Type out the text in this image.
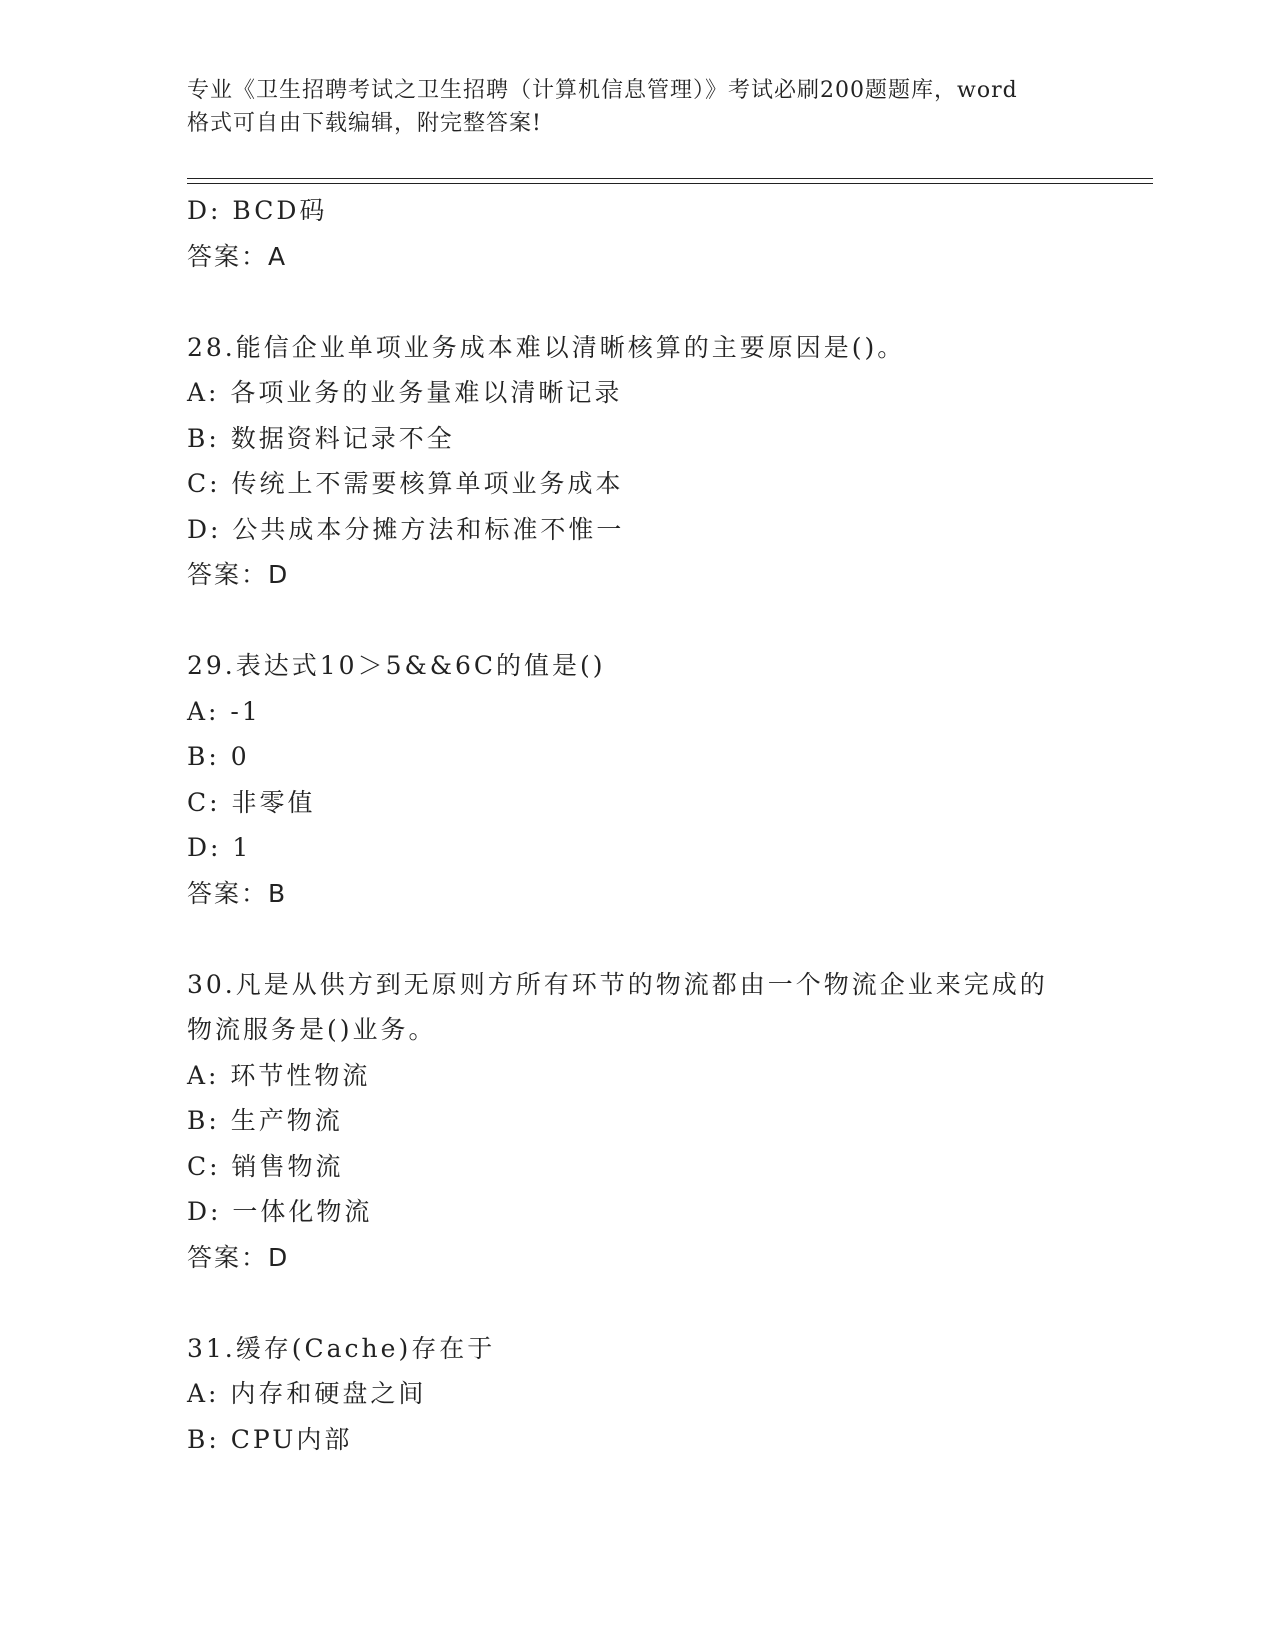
专业《卫生招聘考试之卫生招聘（计算机信息管理）》考试必刷200题题库，word
格式可自由下载编辑，附完整答案!
D: BCD码
答案：A
28.能信企业单项业务成本难以清晰核算的主要原因是()。
A: 各项业务的业务量难以清晰记录
B: 数据资料记录不全
C: 传统上不需要核算单项业务成本
D: 公共成本分摊方法和标准不惟一
答案：D
29.表达式10＞5&&6C的值是()
A: -1
B: 0
C: 非零值
D: 1
答案：B
30.凡是从供方到无原则方所有环节的物流都由一个物流企业来完成的
物流服务是()业务。
A: 环节性物流
B: 生产物流
C: 销售物流
D: 一体化物流
答案：D
31.缓存(Cache)存在于
A: 内存和硬盘之间
B: CPU内部
